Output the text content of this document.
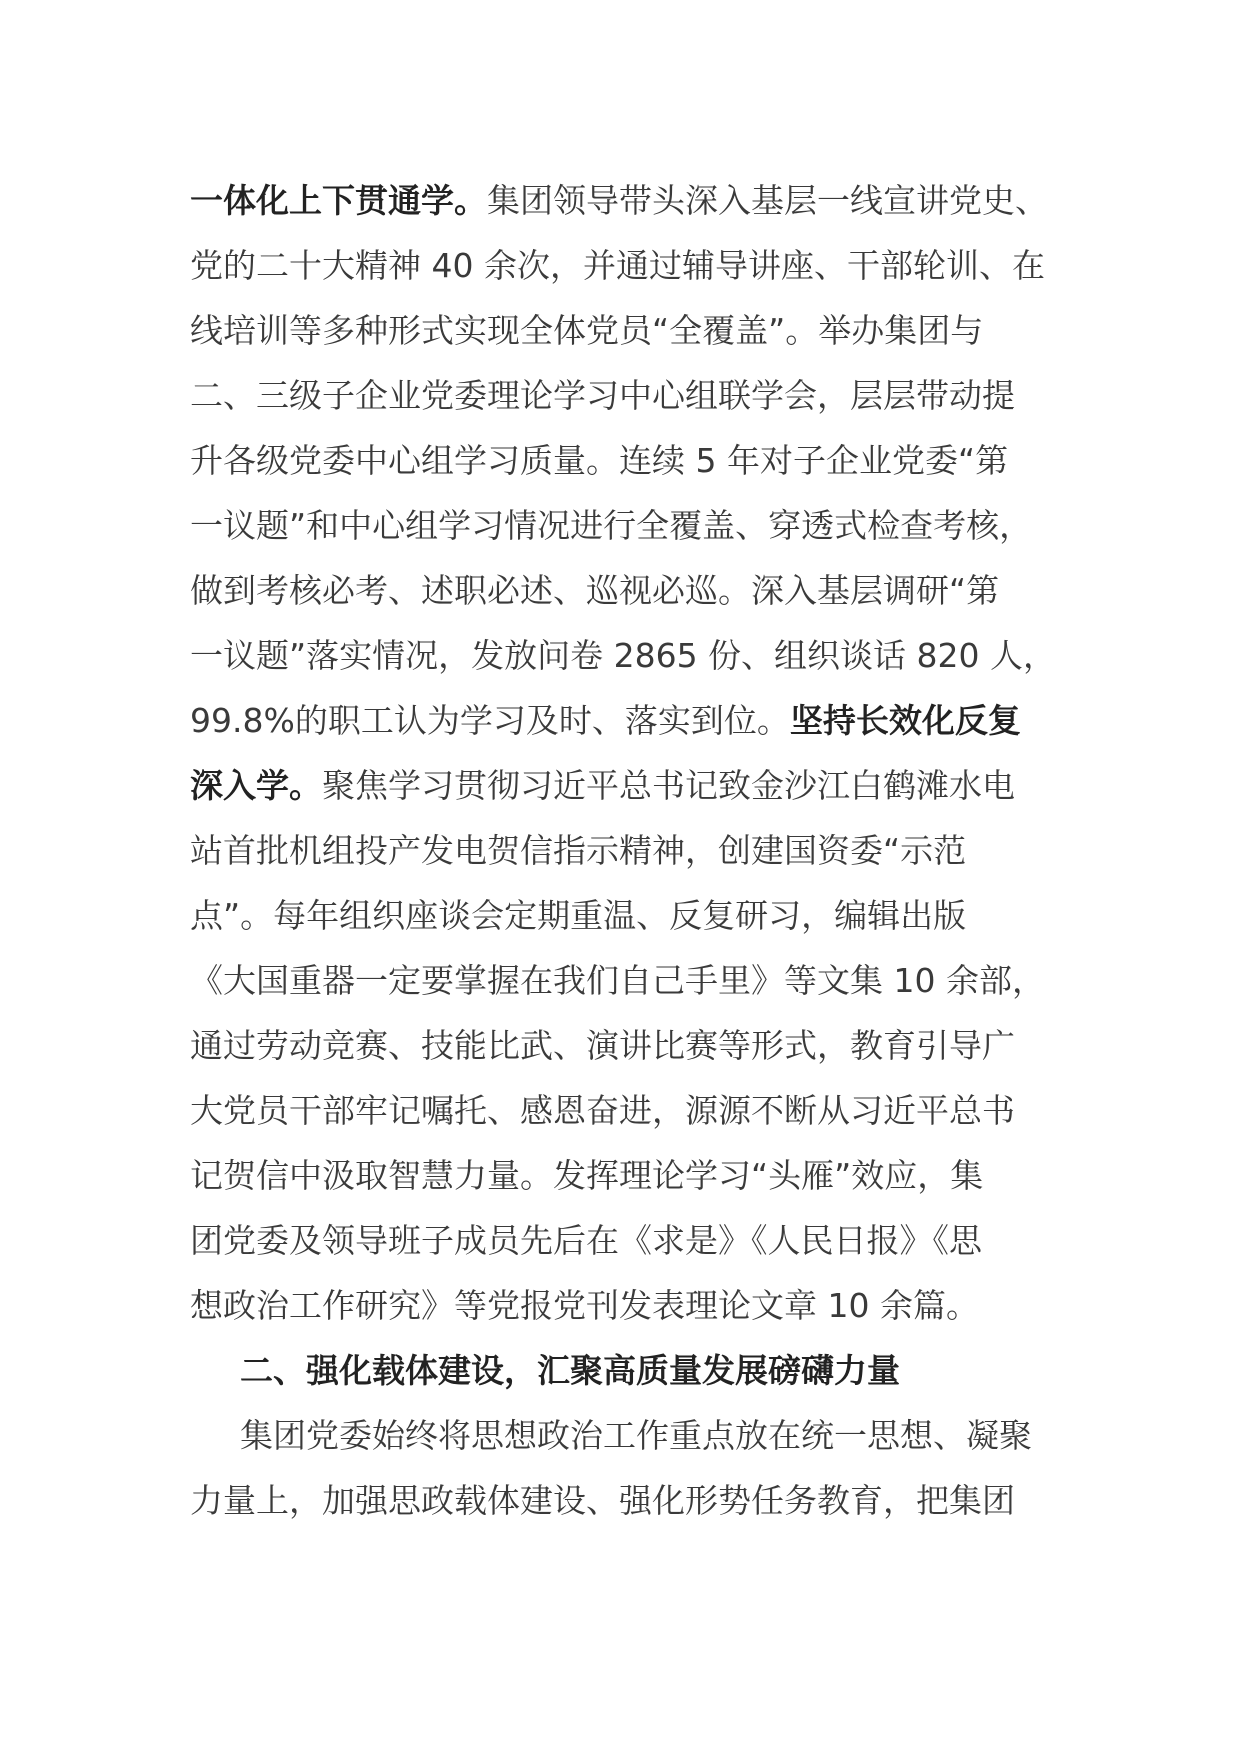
一体化上下贯通学。集团领导带头深入基层一线宣讲党史、
党的二十大精神 40 余次，并通过辅导讲座、干部轮训、在
线培训等多种形式实现全体党员“全覆盖”。举办集团与
二、三级子企业党委理论学习中心组联学会，层层带动提
升各级党委中心组学习质量。连续 5 年对子企业党委“第
一议题”和中心组学习情况进行全覆盖、穿透式检查考核，
做到考核必考、述职必述、巡视必巡。深入基层调研“第
一议题”落实情况，发放问卷 2865 份、组织谈话 820 人，
99.8%的职工认为学习及时、落实到位。坚持长效化反复
深入学。聚焦学习贯彻习近平总书记致金沙江白鹤滩水电
站首批机组投产发电贺信指示精神，创建国资委“示范
点”。每年组织座谈会定期重温、反复研习，编辑出版
《大国重器一定要掌握在我们自己手里》等文集 10 余部，
通过劳动竞赛、技能比武、演讲比赛等形式，教育引导广
大党员干部牢记嘱托、感恩奋进，源源不断从习近平总书
记贺信中汲取智慧力量。发挥理论学习“头雁”效应，集
团党委及领导班子成员先后在《求是》《人民日报》《思
想政治工作研究》等党报党刊发表理论文章 10 余篇。
二、强化载体建设，汇聚高质量发展磅礴力量
集团党委始终将思想政治工作重点放在统一思想、凝聚
力量上，加强思政载体建设、强化形势任务教育，把集团
